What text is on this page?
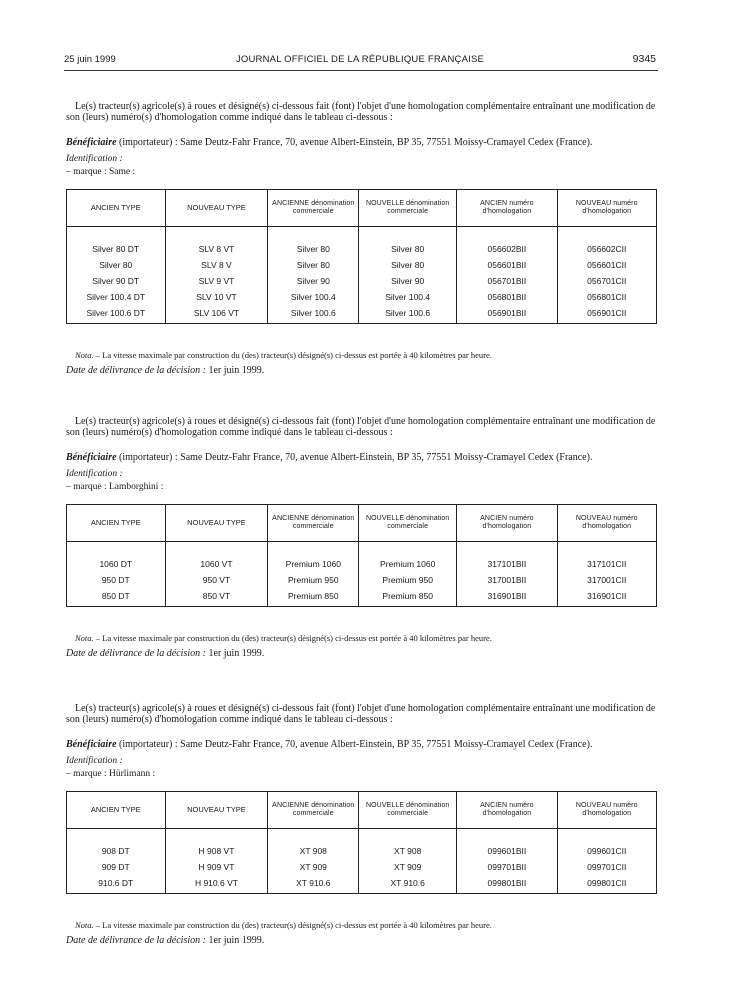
25 juin 1999	JOURNAL OFFICIEL DE LA RÉPUBLIQUE FRANÇAISE	9345

Le(s) tracteur(s) agricole(s) à roues et désigné(s) ci-dessous fait (font) l'objet d'une homologation complémentaire entraînant une modification de son (leurs) numéro(s) d'homologation comme indiqué dans le tableau ci-dessous :

Bénéficiaire (importateur) : Same Deutz-Fahr France, 70, avenue Albert-Einstein, BP 35, 77551 Moissy-Cramayel Cedex (France).
Identification :
– marque : Same :
ANCIEN TYPE	NOUVEAU TYPE	ANCIENNE dénomination commerciale	NOUVELLE dénomination commerciale	ANCIEN numéro d'homologation	NOUVEAU numéro d'homologation
Silver 80 DT	SLV 8 VT	Silver 80	Silver 80	056602BII	056602CII
Silver 80	SLV 8 V	Silver 80	Silver 80	056601BII	056601CII
Silver 90 DT	SLV 9 VT	Silver 90	Silver 90	056701BII	056701CII
Silver 100.4 DT	SLV 10 VT	Silver 100.4	Silver 100.4	056801BII	056801CII
Silver 100.6 DT	SLV 106 VT	Silver 100.6	Silver 100.6	056901BII	056901CII
Nota. – La vitesse maximale par construction du (des) tracteur(s) désigné(s) ci-dessus est portée à 40 kilomètres par heure.
Date de délivrance de la décision : 1er juin 1999.

Le(s) tracteur(s) agricole(s) à roues et désigné(s) ci-dessous fait (font) l'objet d'une homologation complémentaire entraînant une modification de son (leurs) numéro(s) d'homologation comme indiqué dans le tableau ci-dessous :

Bénéficiaire (importateur) : Same Deutz-Fahr France, 70, avenue Albert-Einstein, BP 35, 77551 Moissy-Cramayel Cedex (France).
Identification :
– marque : Lamborghini :
ANCIEN TYPE	NOUVEAU TYPE	ANCIENNE dénomination commerciale	NOUVELLE dénomination commerciale	ANCIEN numéro d'homologation	NOUVEAU numéro d'homologation
1060 DT	1060 VT	Premium 1060	Premium 1060	317101BII	317101CII
950 DT	950 VT	Premium 950	Premium 950	317001BII	317001CII
850 DT	850 VT	Premium 850	Premium 850	316901BII	316901CII
Nota. – La vitesse maximale par construction du (des) tracteur(s) désigné(s) ci-dessus est portée à 40 kilomètres par heure.
Date de délivrance de la décision : 1er juin 1999.

Le(s) tracteur(s) agricole(s) à roues et désigné(s) ci-dessous fait (font) l'objet d'une homologation complémentaire entraînant une modification de son (leurs) numéro(s) d'homologation comme indiqué dans le tableau ci-dessous :

Bénéficiaire (importateur) : Same Deutz-Fahr France, 70, avenue Albert-Einstein, BP 35, 77551 Moissy-Cramayel Cedex (France).
Identification :
– marque : Hürlimann :
ANCIEN TYPE	NOUVEAU TYPE	ANCIENNE dénomination commerciale	NOUVELLE dénomination commerciale	ANCIEN numéro d'homologation	NOUVEAU numéro d'homologation
908 DT	H 908 VT	XT 908	XT 908	099601BII	099601CII
909 DT	H 909 VT	XT 909	XT 909	099701BII	099701CII
910.6 DT	H 910.6 VT	XT 910.6	XT 910.6	099801BII	099801CII
Nota. – La vitesse maximale par construction du (des) tracteur(s) désigné(s) ci-dessus est portée à 40 kilomètres par heure.
Date de délivrance de la décision : 1er juin 1999.
